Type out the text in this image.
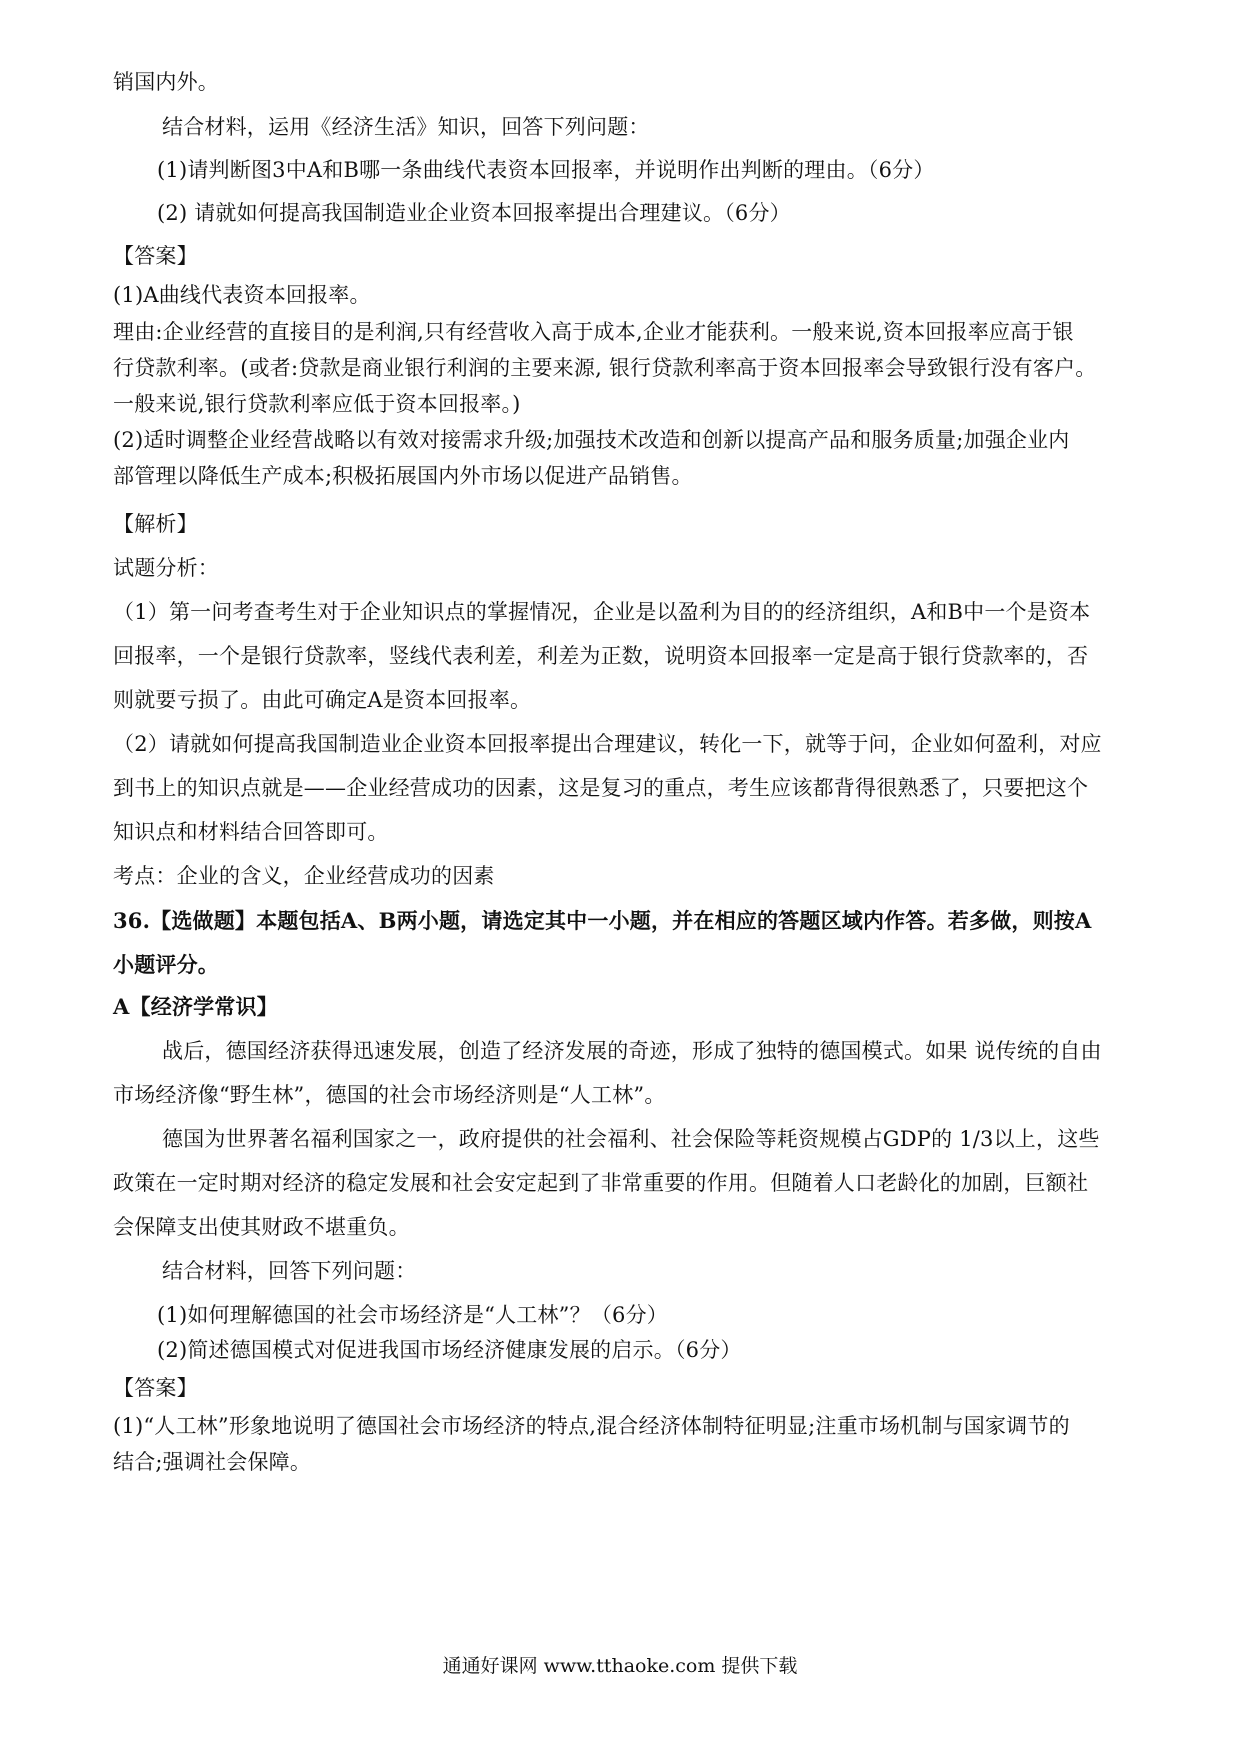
销国内外。
结合材料，运用《经济生活》知识，回答下列问题：
(1)请判断图3中A和B哪一条曲线代表资本回报率，并说明作出判断的理由。（6分）
(2) 请就如何提高我国制造业企业资本回报率提出合理建议。（6分）
【答案】
(1)A曲线代表资本回报率。
理由:企业经营的直接目的是利润,只有经营收入高于成本,企业才能获利。一般来说,资本回报率应高于银
行贷款利率。(或者:贷款是商业银行利润的主要来源, 银行贷款利率高于资本回报率会导致银行没有客户。
一般来说,银行贷款利率应低于资本回报率。)
(2)适时调整企业经营战略以有效对接需求升级;加强技术改造和创新以提高产品和服务质量;加强企业内
部管理以降低生产成本;积极拓展国内外市场以促进产品销售。
【解析】
试题分析：
（1）第一问考查考生对于企业知识点的掌握情况，企业是以盈利为目的的经济组织，A和B中一个是资本
回报率，一个是银行贷款率，竖线代表利差，利差为正数，说明资本回报率一定是高于银行贷款率的，否
则就要亏损了。由此可确定A是资本回报率。
（2）请就如何提高我国制造业企业资本回报率提出合理建议，转化一下，就等于问，企业如何盈利，对应
到书上的知识点就是——企业经营成功的因素，这是复习的重点，考生应该都背得很熟悉了，只要把这个
知识点和材料结合回答即可。
考点：企业的含义，企业经营成功的因素
36.【选做题】本题包括A、B两小题，请选定其中一小题，并在相应的答题区域内作答。若多做，则按A
小题评分。
A【经济学常识】
战后，德国经济获得迅速发展，创造了经济发展的奇迹，形成了独特的德国模式。如果 说传统的自由
市场经济像“野生林”，德国的社会市场经济则是“人工林”。
德国为世界著名福利国家之一，政府提供的社会福利、社会保险等耗资规模占GDP的 1/3以上，这些
政策在一定时期对经济的稳定发展和社会安定起到了非常重要的作用。但随着人口老龄化的加剧，巨额社
会保障支出使其财政不堪重负。
结合材料，回答下列问题：
(1)如何理解德国的社会市场经济是“人工林”？（6分）
(2)简述德国模式对促进我国市场经济健康发展的启示。（6分）
【答案】
(1)“人工林”形象地说明了德国社会市场经济的特点,混合经济体制特征明显;注重市场机制与国家调节的
结合;强调社会保障。
通通好课网 www.tthaoke.com 提供下载
